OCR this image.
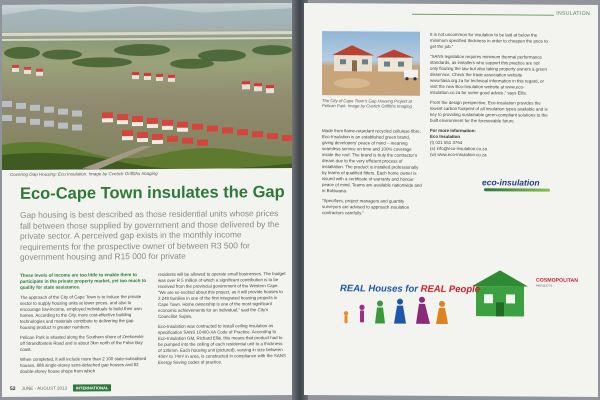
Covering Gap Housing: Eco Insulation. Image by Cvetich Griffiths Imaging
Eco-Cape Town insulates the Gap
Gap housing is best described as those residential units whose prices fall between those supplied by government and those delivered by the private sector. A perceived gap exists in the monthly income requirements for the prospective owner of between R3 500 for government housing and R15 000 for private

These levels of income are too little to enable them to participate in the private property market, yet too much to qualify for state assistance.

The approach of the City of Cape Town is to induce the private sector to supply housing units at lower prices, and also to encourage low-income, employed individuals to build their own homes. According to the City, more cost-effective building technologies and materials contribute to delivering the gap housing product in greater numbers.

Pelican Park is situated along the Southern shore of Zeekoevlei off Strandfontein Road and is about 3km north of the False Bay coast.

When completed, it will include more than 2 100 state-subsidised houses, 686 single-storey semi-detached gap houses and 82 double-storey house shops from which

residents will be allowed to operate small businesses. The budget was over R 5 million of which a significant contribution is to be received from the provincial government of the Western Cape. “We are so excited about this project, as it will provide houses to 3 248 families in one of the first integrated housing projects in Cape Town. Home ownership is one of the most significant economic achievements for an individual,” said the City’s Councillor Sujala.

Eco-Insulation was contracted to install ceiling insulation as specification SANS 10400-XA Code of Practice. According to Eco-Insulation GM, Richard Ellis, this means that product had to be pumped into the ceiling of each residential unit to a thickness of 135mm. Each housing unit (pictured), varying in size between 40m² to 74m² in area, is constructed in compliance with the SANS Energy Saving codes of practice.

52 JUNE - AUGUST 2013	INTERNATIONAL
INSULATION
The City of Cape Town’s Gap Housing Project at Pelican Park. Image by Cvetich Griffiths Imaging

Made from flame-retardant recycled cellulose fibre, Eco-Insulation is an established green brand, giving developers’ peace of mind – meaning seamless service on time and 100% coverage inside the roof. The brand is truly the contractor’s dream due to the very efficient process of installation. The product is installed professionally by teams of qualified fitters. Each home owner is issued with a certificate of warranty and honour peace of mind. Teams are available nationwide and in Botswana.

“Specifiers, project managers and quantity surveyors are advised to approach insulation contractors carefully.”

It is not uncommon for insulation to be laid at below the minimum specified thickness in order to cheapen the price to get the job.”

“SANS legislation requires minimum thermal performance standards, as installers who support this practice are not only flouting the law but also taking property owners a green disservice. Check the trade association website www.tiasa.org.za for technical information in this regard, or visit the new Eco-Insulation website at www.eco-insulation.co.za for some good advice,” says Ellis.

From the design perspective, Eco-Insulation provides the lowest carbon footprint of all insulation types available and is key to providing sustainable green-compliant solutions to the built environment for the foreseeable future.

For more information:
Eco Insulation
(t) 021 551 3764
(e) info@eco-insulation.co.za
(w) www.eco-insulation.co.za

eco-insulation
REAL Houses for REAL People
COSMOPOLITAN
PROJECTS
